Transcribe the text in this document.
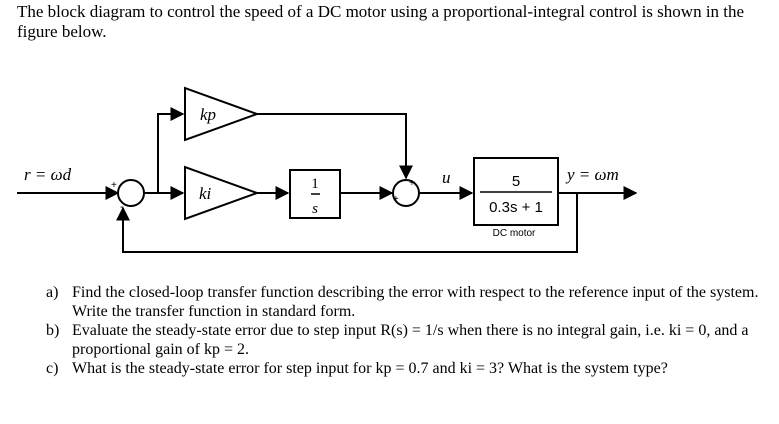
The block diagram to control the speed of a DC motor using a proportional-integral control is shown in the figure below.
r = ωd	y = ωm
kp
ki	1
s
u	5
0.3s + 1
DC motor
+
-
+
+
a) Find the closed-loop transfer function describing the error with respect to the reference input of the system. Write the transfer function in standard form.
b) Evaluate the steady-state error due to step input R(s) = 1/s when there is no integral gain, i.e. ki = 0, and a proportional gain of kp = 2.
c) What is the steady-state error for step input for kp = 0.7 and ki = 3? What is the system type?
